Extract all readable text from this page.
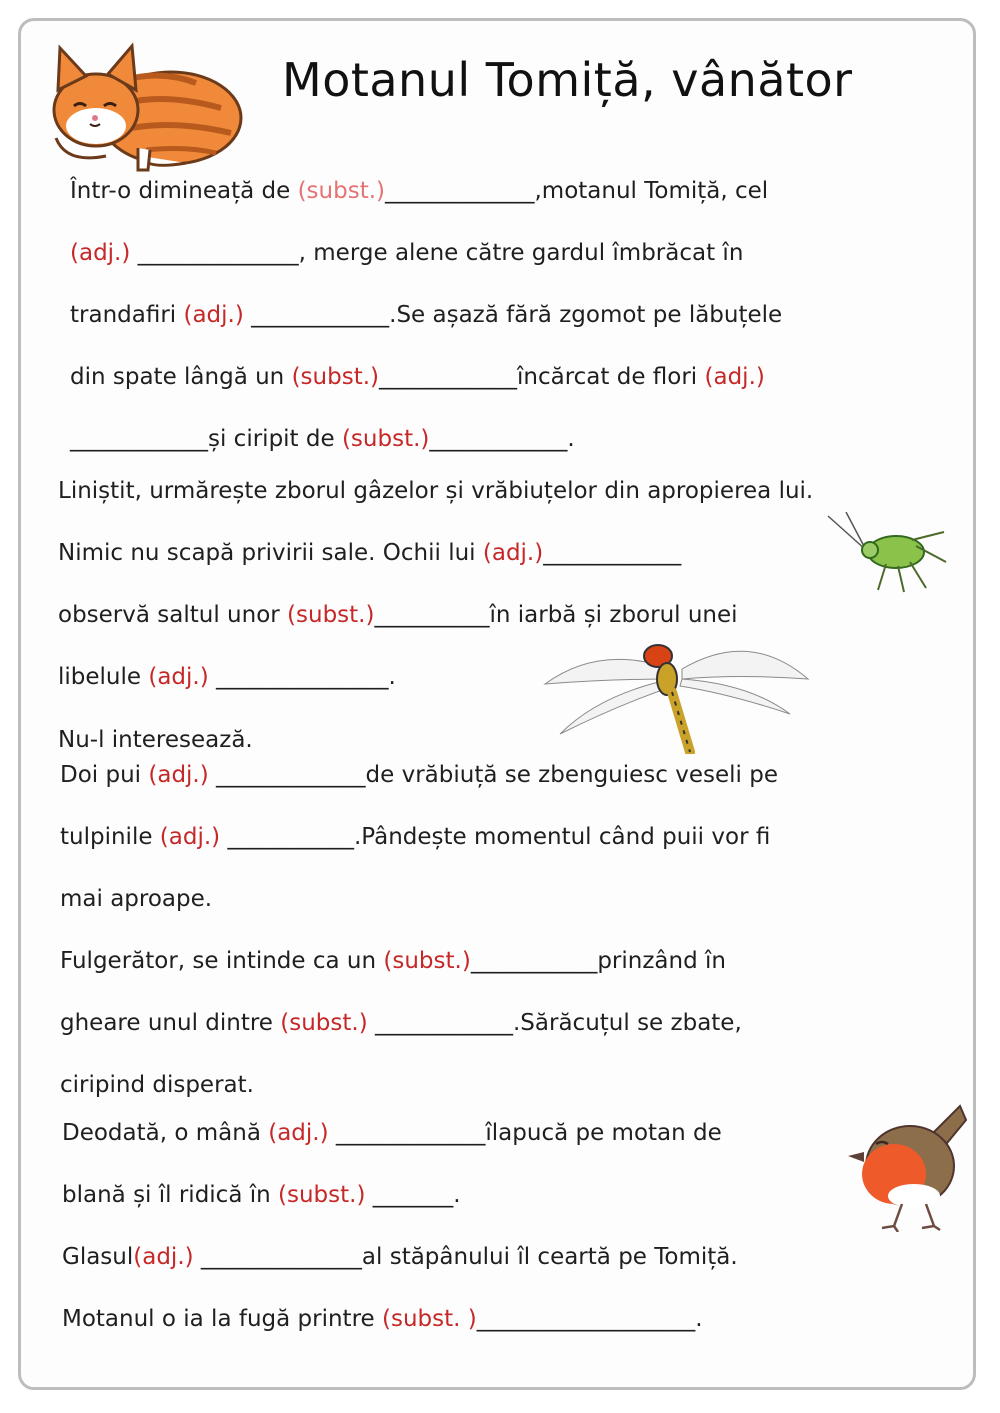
Motanul Tomiță, vânător
Într-o dimineață de (subst.)_____________,motanul Tomiță, cel
(adj.) ______________, merge alene către gardul îmbrăcat în
trandafiri (adj.) ____________.Se așază fără zgomot pe lăbuțele
din spate lângă un (subst.)____________încărcat de flori (adj.)
____________și ciripit de (subst.)____________.
Liniștit, urmărește zborul gâzelor și vrăbiuțelor din apropierea lui.
Nimic nu scapă privirii sale. Ochii lui (adj.)____________
observă saltul unor (subst.)__________în iarbă și zborul unei
libelule (adj.) _______________.
Nu-l interesează.
Doi pui (adj.) _____________de vrăbiuță se zbenguiesc veseli pe
tulpinile (adj.) ___________.Pândește momentul când puii vor fi
mai aproape.
Fulgerător, se intinde ca un (subst.)___________prinzând în
gheare unul dintre (subst.) ____________.Sărăcuțul se zbate,
ciripind disperat.
Deodată, o mână (adj.) _____________îlapucă pe motan de
blană și îl ridică în (subst.) _______.
Glasul(adj.) ______________al stăpânului îl ceartă pe Tomiță.
Motanul o ia la fugă printre (subst. )___________________.
